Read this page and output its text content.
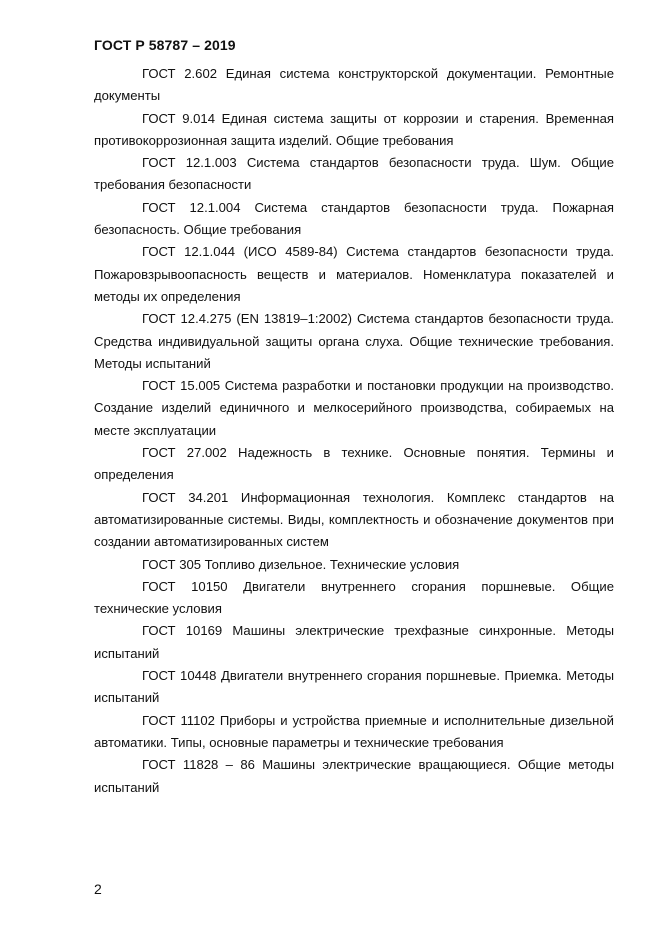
ГОСТ Р 58787 – 2019

ГОСТ 2.602 Единая система конструкторской документации. Ремонтные документы

ГОСТ 9.014 Единая система защиты от коррозии и старения. Временная противокоррозионная защита изделий. Общие требования

ГОСТ 12.1.003 Система стандартов безопасности труда. Шум. Общие требования безопасности

ГОСТ 12.1.004 Система стандартов безопасности труда. Пожарная безопасность. Общие требования

ГОСТ 12.1.044 (ИСО 4589-84) Система стандартов безопасности труда. Пожаровзрывоопасность веществ и материалов. Номенклатура показателей и методы их определения

ГОСТ 12.4.275 (EN 13819–1:2002) Система стандартов безопасности труда. Средства индивидуальной защиты органа слуха. Общие технические требования. Методы испытаний

ГОСТ 15.005 Система разработки и постановки продукции на производство. Создание изделий единичного и мелкосерийного производства, собираемых на месте эксплуатации

ГОСТ 27.002 Надежность в технике. Основные понятия. Термины и определения

ГОСТ 34.201 Информационная технология. Комплекс стандартов на автоматизированные системы. Виды, комплектность и обозначение документов при создании автоматизированных систем

ГОСТ 305 Топливо дизельное. Технические условия

ГОСТ 10150 Двигатели внутреннего сгорания поршневые. Общие технические условия

ГОСТ 10169 Машины электрические трехфазные синхронные. Методы испытаний

ГОСТ 10448 Двигатели внутреннего сгорания поршневые. Приемка. Методы испытаний

ГОСТ 11102 Приборы и устройства приемные и исполнительные дизельной автоматики. Типы, основные параметры и технические требования

ГОСТ 11828 – 86 Машины электрические вращающиеся. Общие методы испытаний

2
